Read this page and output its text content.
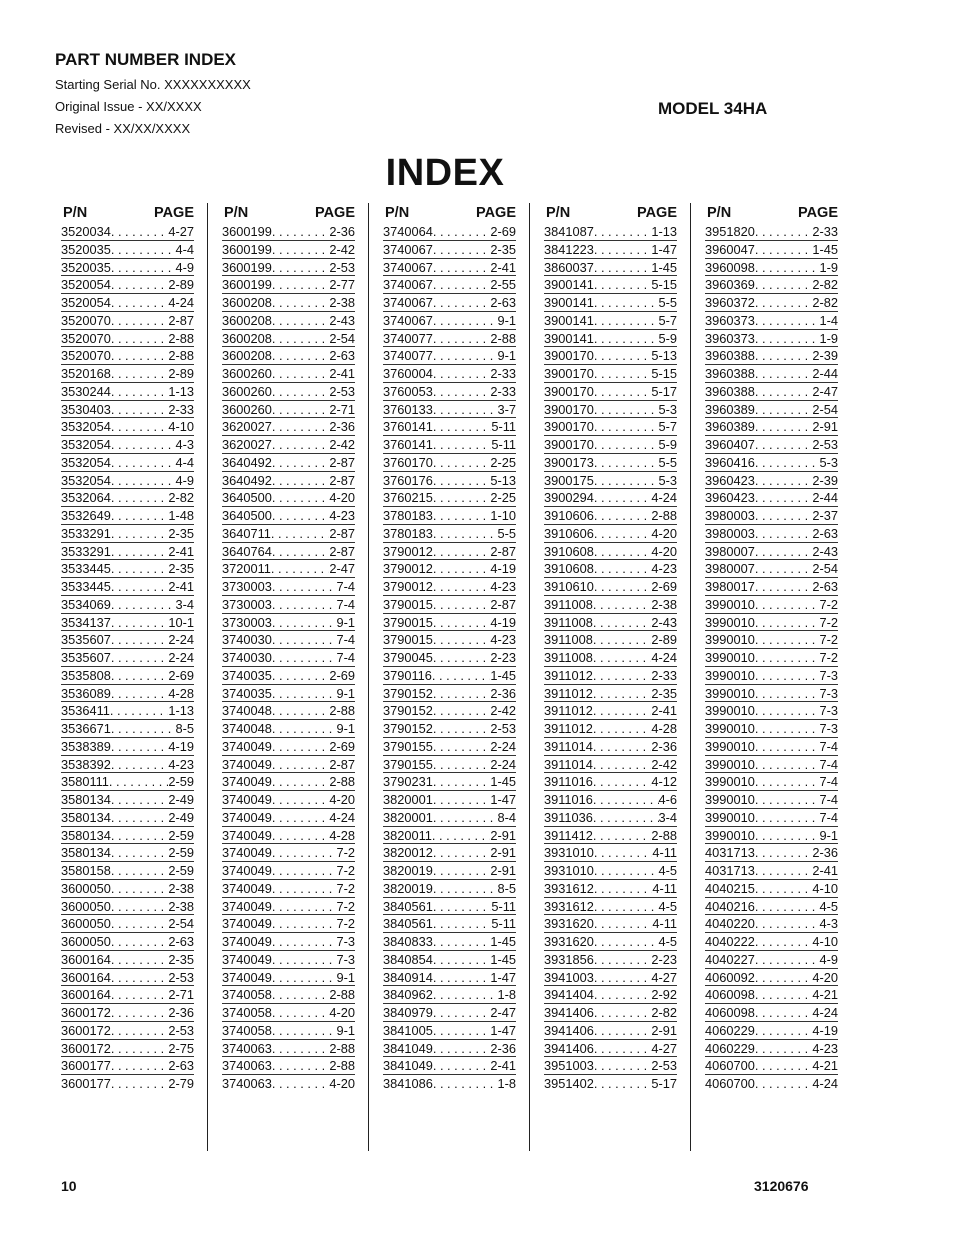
PART NUMBER INDEX
Starting Serial No. XXXXXXXXXX
Original Issue - XX/XXXX
Revised - XX/XX/XXXX
MODEL 34HA
INDEX
P/N	PAGE
3520034 . . .	4-27
3520035 . . .	4-4
3520035 . . .	4-9
3520054 . . .	2-89
3520054 . . .	4-24
3520070 . . .	2-87
3520070 . . .	2-88
3520070 . . .	2-88
3520168 . . .	2-89
3530244 . . .	1-13
3530403 . . .	2-33
3532054 . . .	4-10
3532054 . . .	4-3
3532054 . . .	4-4
3532054 . . .	4-9
3532064 . . .	2-82
3532649 . . .	1-48
3533291 . . .	2-35
3533291 . . .	2-41
3533445 . . .	2-35
3533445 . . .	2-41
3534069 . . .	3-4
3534137 . . .	10-1
3535607 . . .	2-24
3535607 . . .	2-24
3535808 . . .	2-69
3536089 . . .	4-28
3536411 . . .	1-13
3536671 . . .	8-5
3538389 . . .	4-19
3538392 . . .	4-23
3580111 . . .	2-59
3580134 . . .	2-49
3580134 . . .	2-49
3580134 . . .	2-59
3580134 . . .	2-59
3580158 . . .	2-59
3600050 . . .	2-38
3600050 . . .	2-38
3600050 . . .	2-54
3600050 . . .	2-63
3600164 . . .	2-35
3600164 . . .	2-53
3600164 . . .	2-71
3600172 . . .	2-36
3600172 . . .	2-53
3600172 . . .	2-75
3600177 . . .	2-63
3600177 . . .	2-79
P/N	PAGE
3600199 . . .	2-36
3600199 . . .	2-42
3600199 . . .	2-53
3600199 . . .	2-77
3600208 . . .	2-38
3600208 . . .	2-43
3600208 . . .	2-54
3600208 . . .	2-63
3600260 . . .	2-41
3600260 . . .	2-53
3600260 . . .	2-71
3620027 . . .	2-36
3620027 . . .	2-42
3640492 . . .	2-87
3640492 . . .	2-87
3640500 . . .	4-20
3640500 . . .	4-23
3640711 . . .	2-87
3640764 . . .	2-87
3720011 . . .	2-47
3730003 . . .	7-4
3730003 . . .	7-4
3730003 . . .	9-1
3740030 . . .	7-4
3740030 . . .	7-4
3740035 . . .	2-69
3740035 . . .	9-1
3740048 . . .	2-88
3740048 . . .	9-1
3740049 . . .	2-69
3740049 . . .	2-87
3740049 . . .	2-88
3740049 . . .	4-20
3740049 . . .	4-24
3740049 . . .	4-28
3740049 . . .	7-2
3740049 . . .	7-2
3740049 . . .	7-2
3740049 . . .	7-2
3740049 . . .	7-2
3740049 . . .	7-3
3740049 . . .	7-3
3740049 . . .	9-1
3740058 . . .	2-88
3740058 . . .	4-20
3740058 . . .	9-1
3740063 . . .	2-88
3740063 . . .	2-88
3740063 . . .	4-20
P/N	PAGE
3740064 . . .	2-69
3740067 . . .	2-35
3740067 . . .	2-41
3740067 . . .	2-55
3740067 . . .	2-63
3740067 . . .	9-1
3740077 . . .	2-88
3740077 . . .	9-1
3760004 . . .	2-33
3760053 . . .	2-33
3760133 . . .	3-7
3760141 . . .	5-11
3760141 . . .	5-11
3760170 . . .	2-25
3760176 . . .	5-13
3760215 . . .	2-25
3780183 . . .	1-10
3780183 . . .	5-5
3790012 . . .	2-87
3790012 . . .	4-19
3790012 . . .	4-23
3790015 . . .	2-87
3790015 . . .	4-19
3790015 . . .	4-23
3790045 . . .	2-23
3790116 . . .	1-45
3790152 . . .	2-36
3790152 . . .	2-42
3790152 . . .	2-53
3790155 . . .	2-24
3790155 . . .	2-24
3790231 . . .	1-45
3820001 . . .	1-47
3820001 . . .	8-4
3820011 . . .	2-91
3820012 . . .	2-91
3820019 . . .	2-91
3820019 . . .	8-5
3840561 . . .	5-11
3840561 . . .	5-11
3840833 . . .	1-45
3840854 . . .	1-45
3840914 . . .	1-47
3840962 . . .	1-8
3840979 . . .	2-47
3841005 . . .	1-47
3841049 . . .	2-36
3841049 . . .	2-41
3841086 . . .	1-8
P/N	PAGE
3841087 . . .	1-13
3841223 . . .	1-47
3860037 . . .	1-45
3900141 . . .	5-15
3900141 . . .	5-5
3900141 . . .	5-7
3900141 . . .	5-9
3900170 . . .	5-13
3900170 . . .	5-15
3900170 . . .	5-17
3900170 . . .	5-3
3900170 . . .	5-7
3900170 . . .	5-9
3900173 . . .	5-5
3900175 . . .	5-3
3900294 . . .	4-24
3910606 . . .	2-88
3910606 . . .	4-20
3910608 . . .	4-20
3910608 . . .	4-23
3910610 . . .	2-69
3911008 . . .	2-38
3911008 . . .	2-43
3911008 . . .	2-89
3911008 . . .	4-24
3911012 . . .	2-33
3911012 . . .	2-35
3911012 . . .	2-41
3911012 . . .	4-28
3911014 . . .	2-36
3911014 . . .	2-42
3911016 . . .	4-12
3911016 . . .	4-6
3911036 . . .	3-4
3911412 . . .	2-88
3931010 . . .	4-11
3931010 . . .	4-5
3931612 . . .	4-11
3931612 . . .	4-5
3931620 . . .	4-11
3931620 . . .	4-5
3931856 . . .	2-23
3941003 . . .	4-27
3941404 . . .	2-92
3941406 . . .	2-82
3941406 . . .	2-91
3941406 . . .	4-27
3951003 . . .	2-53
3951402 . . .	5-17
P/N	PAGE
3951820 . . .	2-33
3960047 . . .	1-45
3960098 . . .	1-9
3960369 . . .	2-82
3960372 . . .	2-82
3960373 . . .	1-4
3960373 . . .	1-9
3960388 . . .	2-39
3960388 . . .	2-44
3960388 . . .	2-47
3960389 . . .	2-54
3960389 . . .	2-91
3960407 . . .	2-53
3960416 . . .	5-3
3960423 . . .	2-39
3960423 . . .	2-44
3980003 . . .	2-37
3980003 . . .	2-63
3980007 . . .	2-43
3980007 . . .	2-54
3980017 . . .	2-63
3990010 . . .	7-2
3990010 . . .	7-2
3990010 . . .	7-2
3990010 . . .	7-2
3990010 . . .	7-3
3990010 . . .	7-3
3990010 . . .	7-3
3990010 . . .	7-3
3990010 . . .	7-4
3990010 . . .	7-4
3990010 . . .	7-4
3990010 . . .	7-4
3990010 . . .	7-4
3990010 . . .	9-1
4031713 . . .	2-36
4031713 . . .	2-41
4040215 . . .	4-10
4040216 . . .	4-5
4040220 . . .	4-3
4040222 . . .	4-10
4040227 . . .	4-9
4060092 . . .	4-20
4060098 . . .	4-21
4060098 . . .	4-24
4060229 . . .	4-19
4060229 . . .	4-23
4060700 . . .	4-21
4060700 . . .	4-24
10	3120676
